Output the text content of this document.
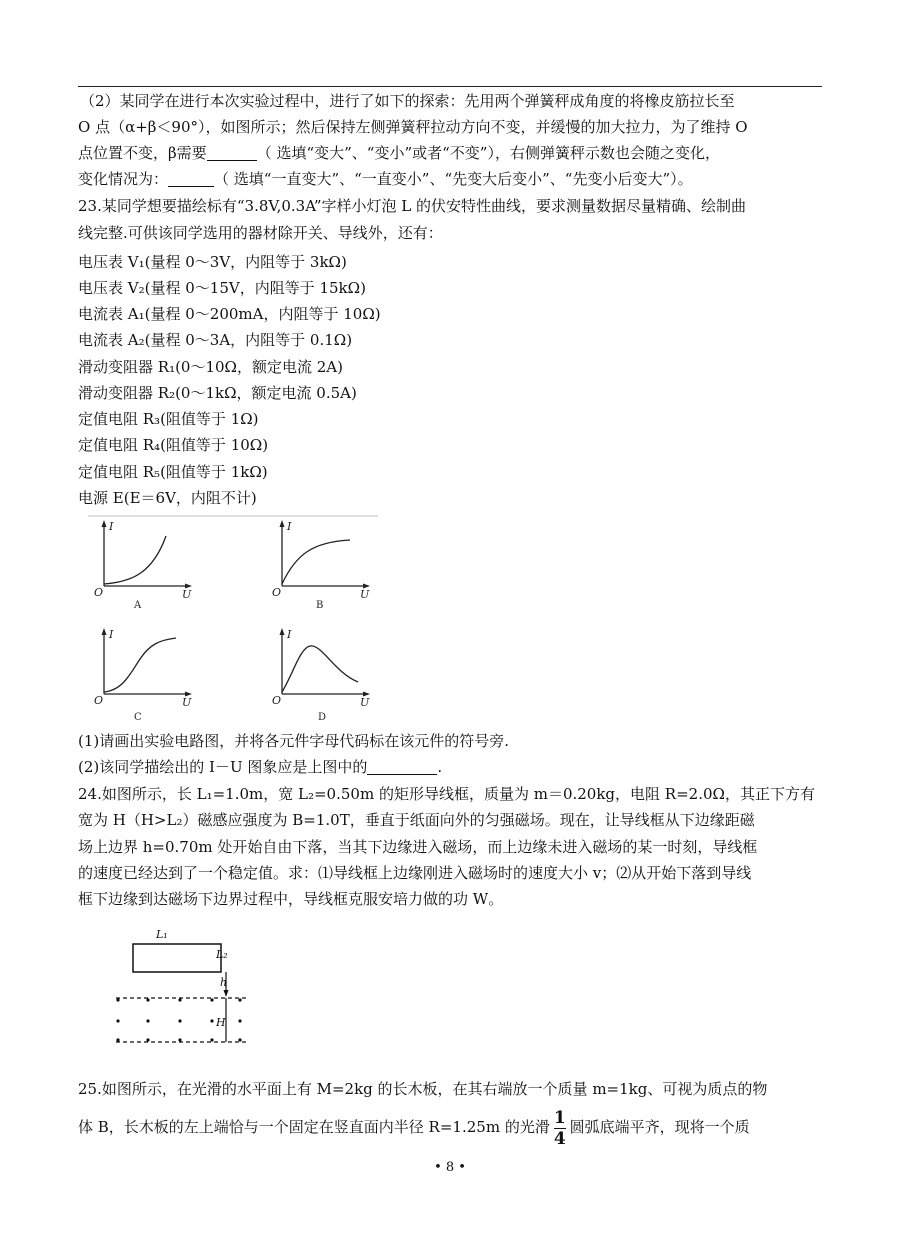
（2）某同学在进行本次实验过程中，进行了如下的探索：先用两个弹簧秤成角度的将橡皮筋拉长至
O 点（α+β＜90°），如图所示；然后保持左侧弹簧秤拉动方向不变，并缓慢的加大拉力，为了维持 O
点位置不变，β需要	（ 选填“变大”、“变小”或者“不变”），右侧弹簧秤示数也会随之变化，
变化情况为：	（ 选填“一直变大”、“一直变小”、“先变大后变小”、“先变小后变大”）。
23.某同学想要描绘标有“3.8V,0.3A”字样小灯泡 L 的伏安特性曲线，要求测量数据尽量精确、绘制曲
线完整.可供该同学选用的器材除开关、导线外，还有：
电压表 V₁(量程 0～3V，内阻等于 3kΩ)
电压表 V₂(量程 0～15V，内阻等于 15kΩ)
电流表 A₁(量程 0～200mA，内阻等于 10Ω)
电流表 A₂(量程 0～3A，内阻等于 0.1Ω)
滑动变阻器 R₁(0～10Ω，额定电流 2A)
滑动变阻器 R₂(0～1kΩ，额定电流 0.5A)
定值电阻 R₃(阻值等于 1Ω)
定值电阻 R₄(阻值等于 10Ω)
定值电阻 R₅(阻值等于 1kΩ)
电源 E(E＝6V，内阻不计)
I
O	U
A
I
O	U
B
I
O	U
C
I
O	U
D
(1)请画出实验电路图，并将各元件字母代码标在该元件的符号旁.
(2)该同学描绘出的 I－U 图象应是上图中的	.
24.如图所示，长 L₁=1.0m，宽 L₂=0.50m 的矩形导线框，质量为 m＝0.20kg，电阻 R=2.0Ω，其正下方有
宽为 H（H>L₂）磁感应强度为 B=1.0T，垂直于纸面向外的匀强磁场。现在，让导线框从下边缘距磁
场上边界 h=0.70m 处开始自由下落，当其下边缘进入磁场，而上边缘未进入磁场的某一时刻，导线框
的速度已经达到了一个稳定值。求：⑴导线框上边缘刚进入磁场时的速度大小 v；⑵从开始下落到导线
框下边缘到达磁场下边界过程中，导线框克服安培力做的功 W。
L₁
L₂
h
H
25.如图所示，在光滑的水平面上有 M=2kg 的长木板，在其右端放一个质量 m=1kg、可视为质点的物
体 B，长木板的左上端恰与一个固定在竖直面内半径 R=1.25m 的光滑 $\frac{1}{4}$ 圆弧底端平齐，现将一个质
• 8 •
